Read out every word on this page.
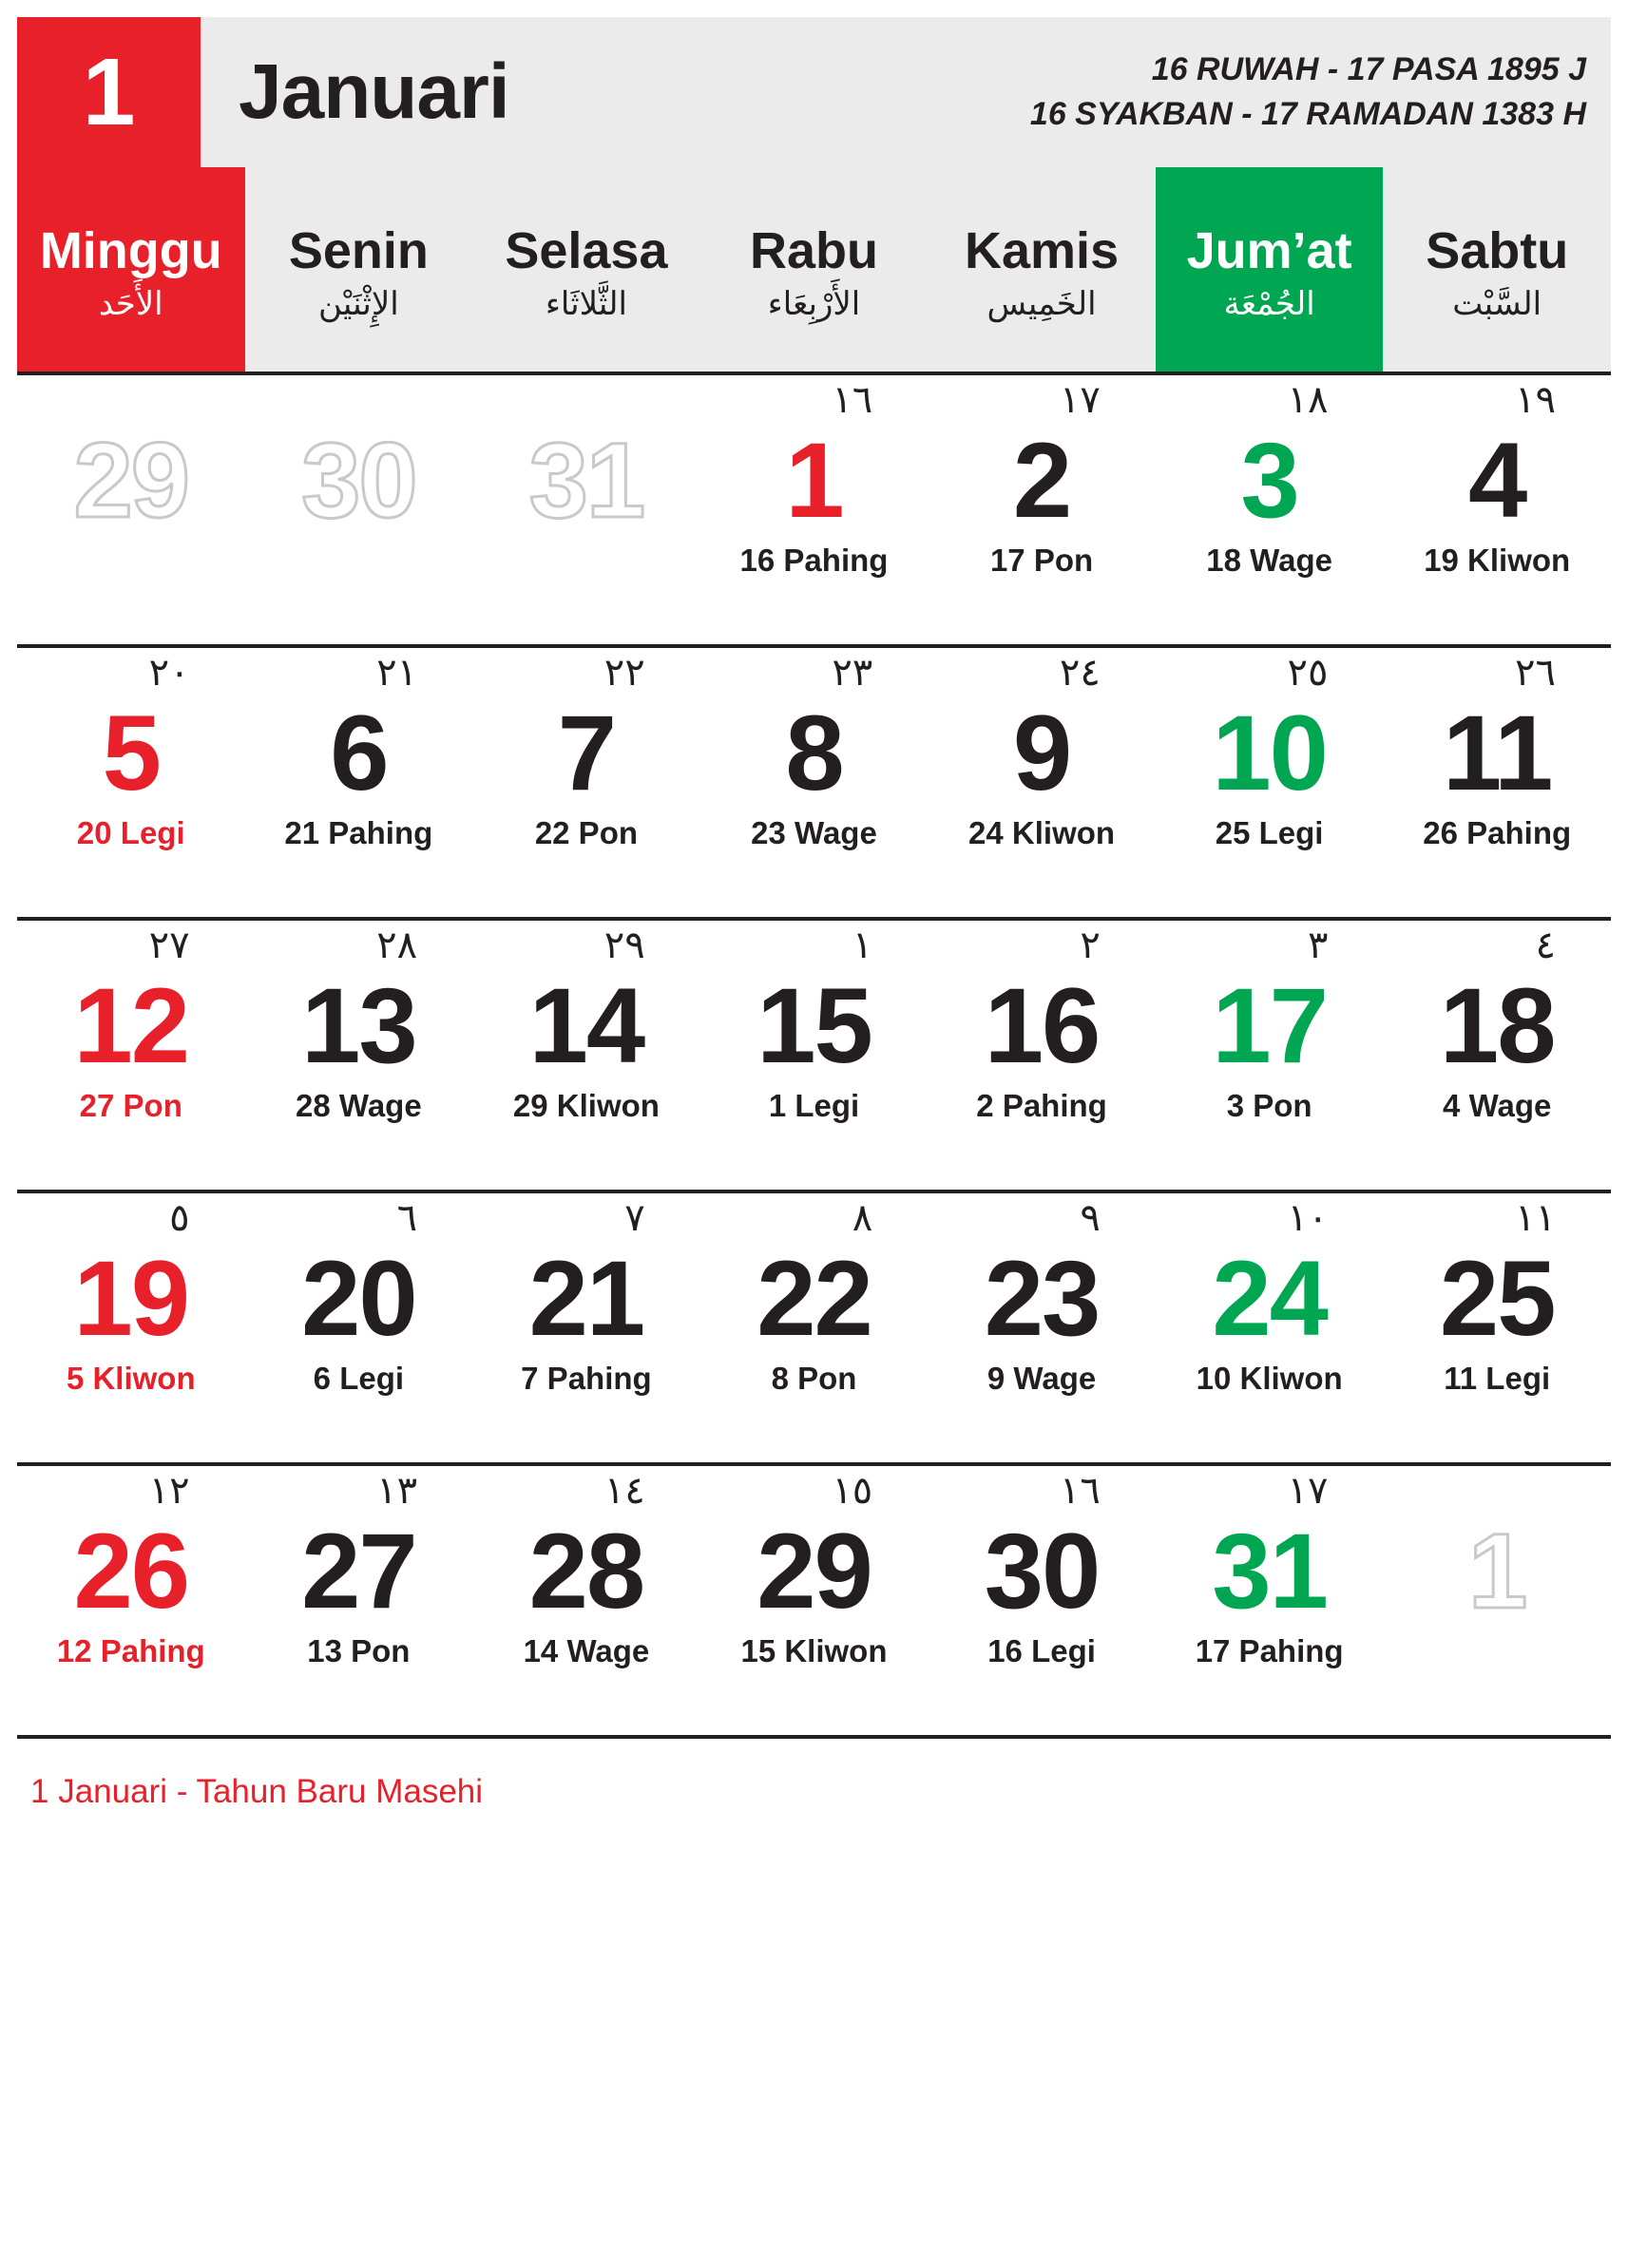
1	Januari	16 RUWAH - 17 PASA 1895 J
16 SYAKBAN - 17 RAMADAN 1383 H
Minggu
الأَحَد
Senin
الإِثْنَيْن
Selasa
الثَّلاثَاء
Rabu
الأَرْبِعَاء
Kamis
الخَمِيس
Jum’at
الجُمْعَة
Sabtu
السَّبْت
29 30 31
١٦
1
16 Pahing
١٧
2
17 Pon
١٨
3
18 Wage
١٩
4
19 Kliwon
٢٠
5
20 Legi
٢١
6
21 Pahing
٢٢
7
22 Pon
٢٣
8
23 Wage
٢٤
9
24 Kliwon
٢٥
10
25 Legi
٢٦
11
26 Pahing
٢٧
12
27 Pon
٢٨
13
28 Wage
٢٩
14
29 Kliwon
١
15
1 Legi
٢
16
2 Pahing
٣
17
3 Pon
٤
18
4 Wage
٥
19
5 Kliwon
٦
20
6 Legi
٧
21
7 Pahing
٨
22
8 Pon
٩
23
9 Wage
١٠
24
10 Kliwon
١١
25
11 Legi
١٢
26
12 Pahing
١٣
27
13 Pon
١٤
28
14 Wage
١٥
29
15 Kliwon
١٦
30
16 Legi
١٧
31
17 Pahing
1
1 Januari - Tahun Baru Masehi
